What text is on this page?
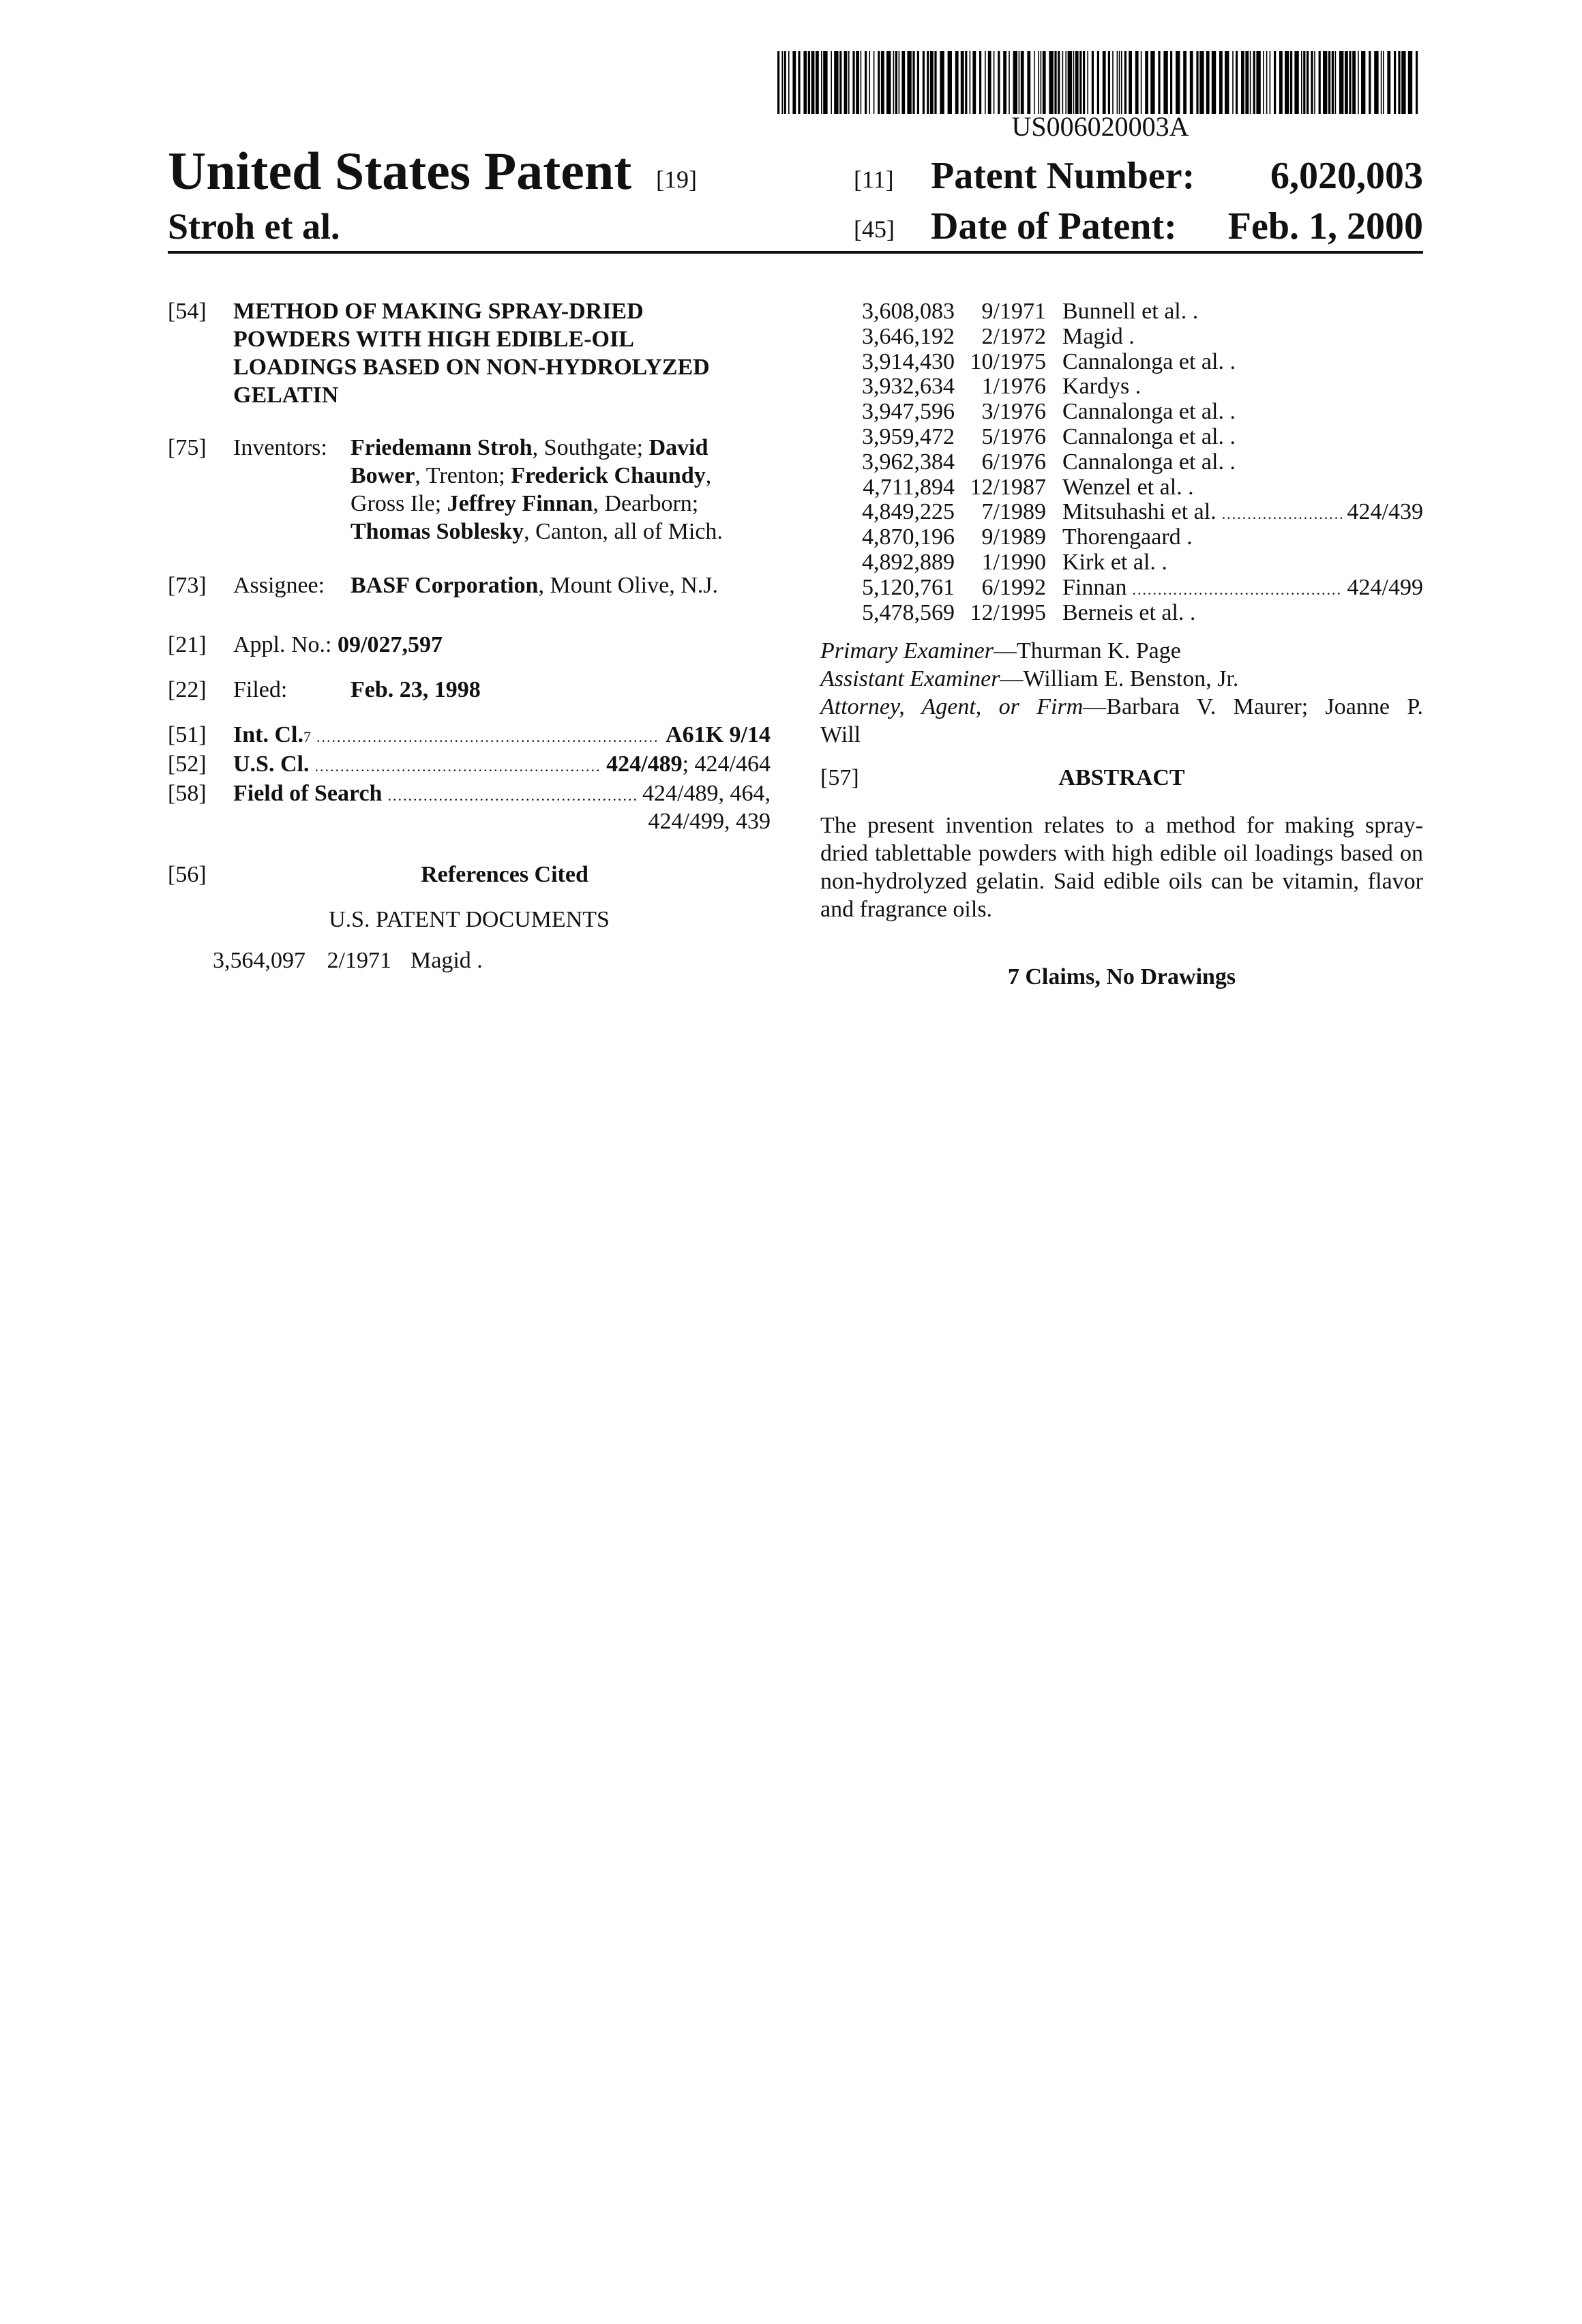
US006020003A
United States Patent [19]
Stroh et al.
[11] Patent Number: 6,020,003
[45] Date of Patent: Feb. 1, 2000
[54] METHOD OF MAKING SPRAY-DRIED
POWDERS WITH HIGH EDIBLE-OIL
LOADINGS BASED ON NON-HYDROLYZED
GELATIN
[75] Inventors: Friedemann Stroh, Southgate; David
Bower, Trenton; Frederick Chaundy,
Gross Ile; Jeffrey Finnan, Dearborn;
Thomas Soblesky, Canton, all of Mich.
[73] Assignee: BASF Corporation, Mount Olive, N.J.
[21] Appl. No.: 09/027,597
[22] Filed:	Feb. 23, 1998
[51] Int. Cl. 7
.....	A61K 9/14
[52] U.S. Cl.
.....	424/489 ; 424/464
[58] Field of Search
.....	424/489, 464,
424/499, 439
[56]	References Cited
U.S. PATENT DOCUMENTS
3,564,097 2/1971 Magid .
3,608,083 9/1971 Bunnell et al. .
3,646,192 2/1972 Magid .
3,914,430 10/1975 Cannalonga et al. .
3,932,634 1/1976 Kardys .
3,947,596 3/1976 Cannalonga et al. .
3,959,472 5/1976 Cannalonga et al. .
3,962,384 6/1976 Cannalonga et al. .
4,711,894 12/1987 Wenzel et al. .
4,849,225 7/1989 Mitsuhashi et al.
.....	424/439
4,870,196 9/1989 Thorengaard .
4,892,889 1/1990 Kirk et al. .
5,120,761 6/1992 Finnan
.....	424/499
5,478,569 12/1995 Berneis et al. .
Primary Examiner—Thurman K. Page
Assistant Examiner—William E. Benston, Jr.
Attorney, Agent, or Firm—Barbara V. Maurer; Joanne P.
Will
[57]	ABSTRACT
The present invention relates to a method for making spray-dried tablettable powders with high edible oil loadings based on non-hydrolyzed gelatin. Said edible oils can be vitamin, flavor and fragrance oils.
7 Claims, No Drawings
